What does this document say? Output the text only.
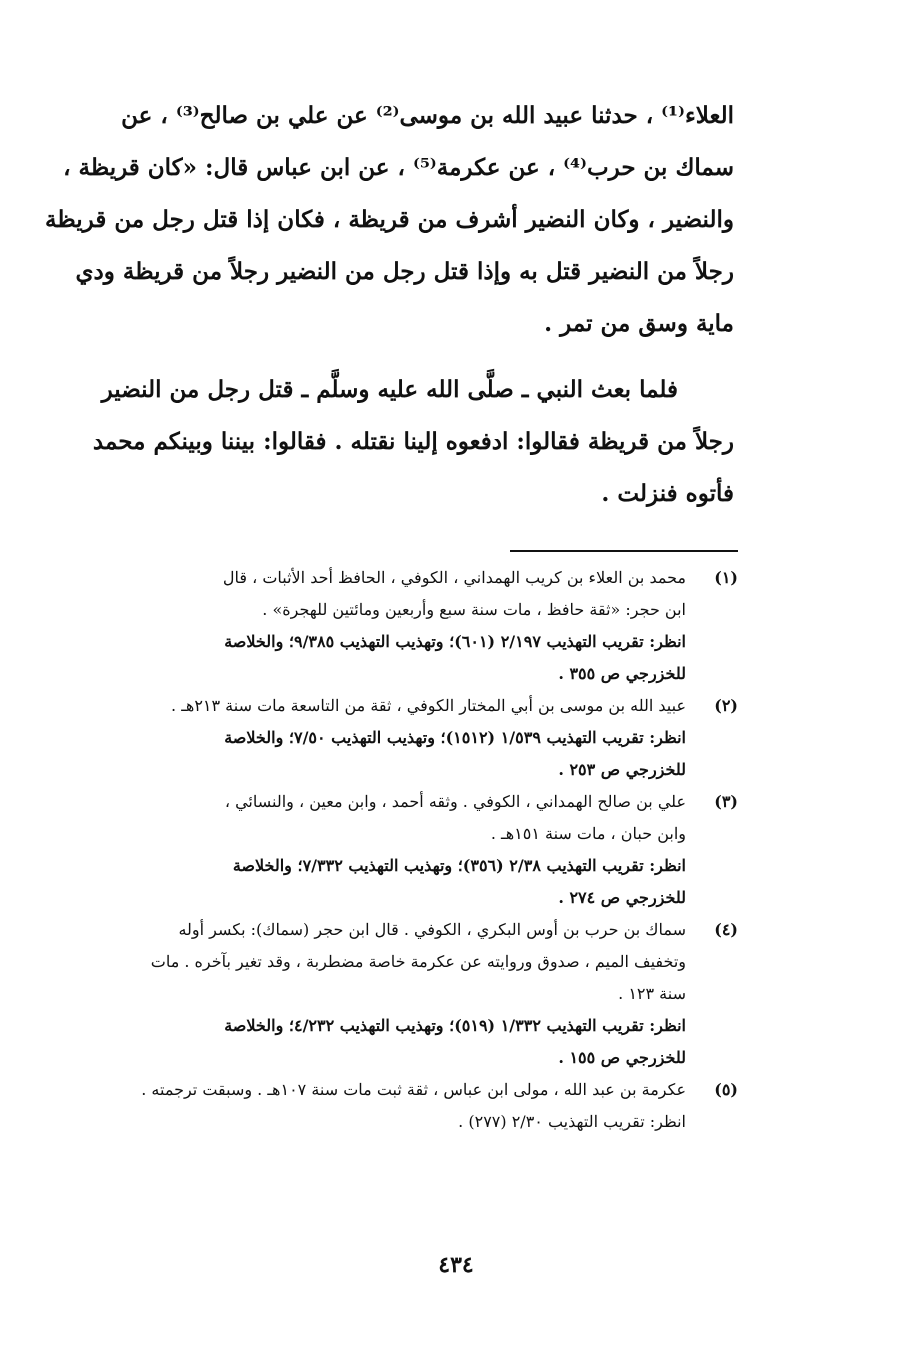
العلاء⁽¹⁾ ، حدثنا عبيد الله بن موسى⁽²⁾ عن علي بن صالح⁽³⁾ ، عن
سماك بن حرب⁽⁴⁾ ، عن عكرمة⁽⁵⁾ ، عن ابن عباس قال: «كان قريظة ،
والنضير ، وكان النضير أشرف من قريظة ، فكان إذا قتل رجل من قريظة
رجلاً من النضير قتل به وإذا قتل رجل من النضير رجلاً من قريظة ودي
ماية وسق من تمر .

فلما بعث النبي ـ صلَّى الله عليه وسلَّم ـ قتل رجل من النضير
رجلاً من قريظة فقالوا: ادفعوه إلينا نقتله . فقالوا: بيننا وبينكم محمد
فأتوه فنزلت .

(١)
محمد بن العلاء بن كريب الهمداني ، الكوفي ، الحافظ أحد الأثبات ، قال
ابن حجر: «ثقة حافظ ، مات سنة سبع وأربعين ومائتين للهجرة» .
انظر: تقريب التهذيب ٢/١٩٧ (٦٠١)؛ وتهذيب التهذيب ٩/٣٨٥؛ والخلاصة
للخزرجي ص ٣٥٥ .
(٢)
عبيد الله بن موسى بن أبي المختار الكوفي ، ثقة من التاسعة مات سنة ٢١٣هـ .
انظر: تقريب التهذيب ١/٥٣٩ (١٥١٢)؛ وتهذيب التهذيب ٧/٥٠؛ والخلاصة
للخزرجي ص ٢٥٣ .
(٣)
علي بن صالح الهمداني ، الكوفي . وثقه أحمد ، وابن معين ، والنسائي ،
وابن حبان ، مات سنة ١٥١هـ .
انظر: تقريب التهذيب ٢/٣٨ (٣٥٦)؛ وتهذيب التهذيب ٧/٣٣٢؛ والخلاصة
للخزرجي ص ٢٧٤ .
(٤)
سماك بن حرب بن أوس البكري ، الكوفي . قال ابن حجر (سماك): بكسر أوله
وتخفيف الميم ، صدوق وروايته عن عكرمة خاصة مضطربة ، وقد تغير بآخره . مات
سنة ١٢٣ .
انظر: تقريب التهذيب ١/٣٣٢ (٥١٩)؛ وتهذيب التهذيب ٤/٢٣٢؛ والخلاصة
للخزرجي ص ١٥٥ .
(٥)
عكرمة بن عبد الله ، مولى ابن عباس ، ثقة ثبت مات سنة ١٠٧هـ . وسبقت ترجمته .
انظر: تقريب التهذيب ٢/٣٠ (٢٧٧) .
٤٣٤
